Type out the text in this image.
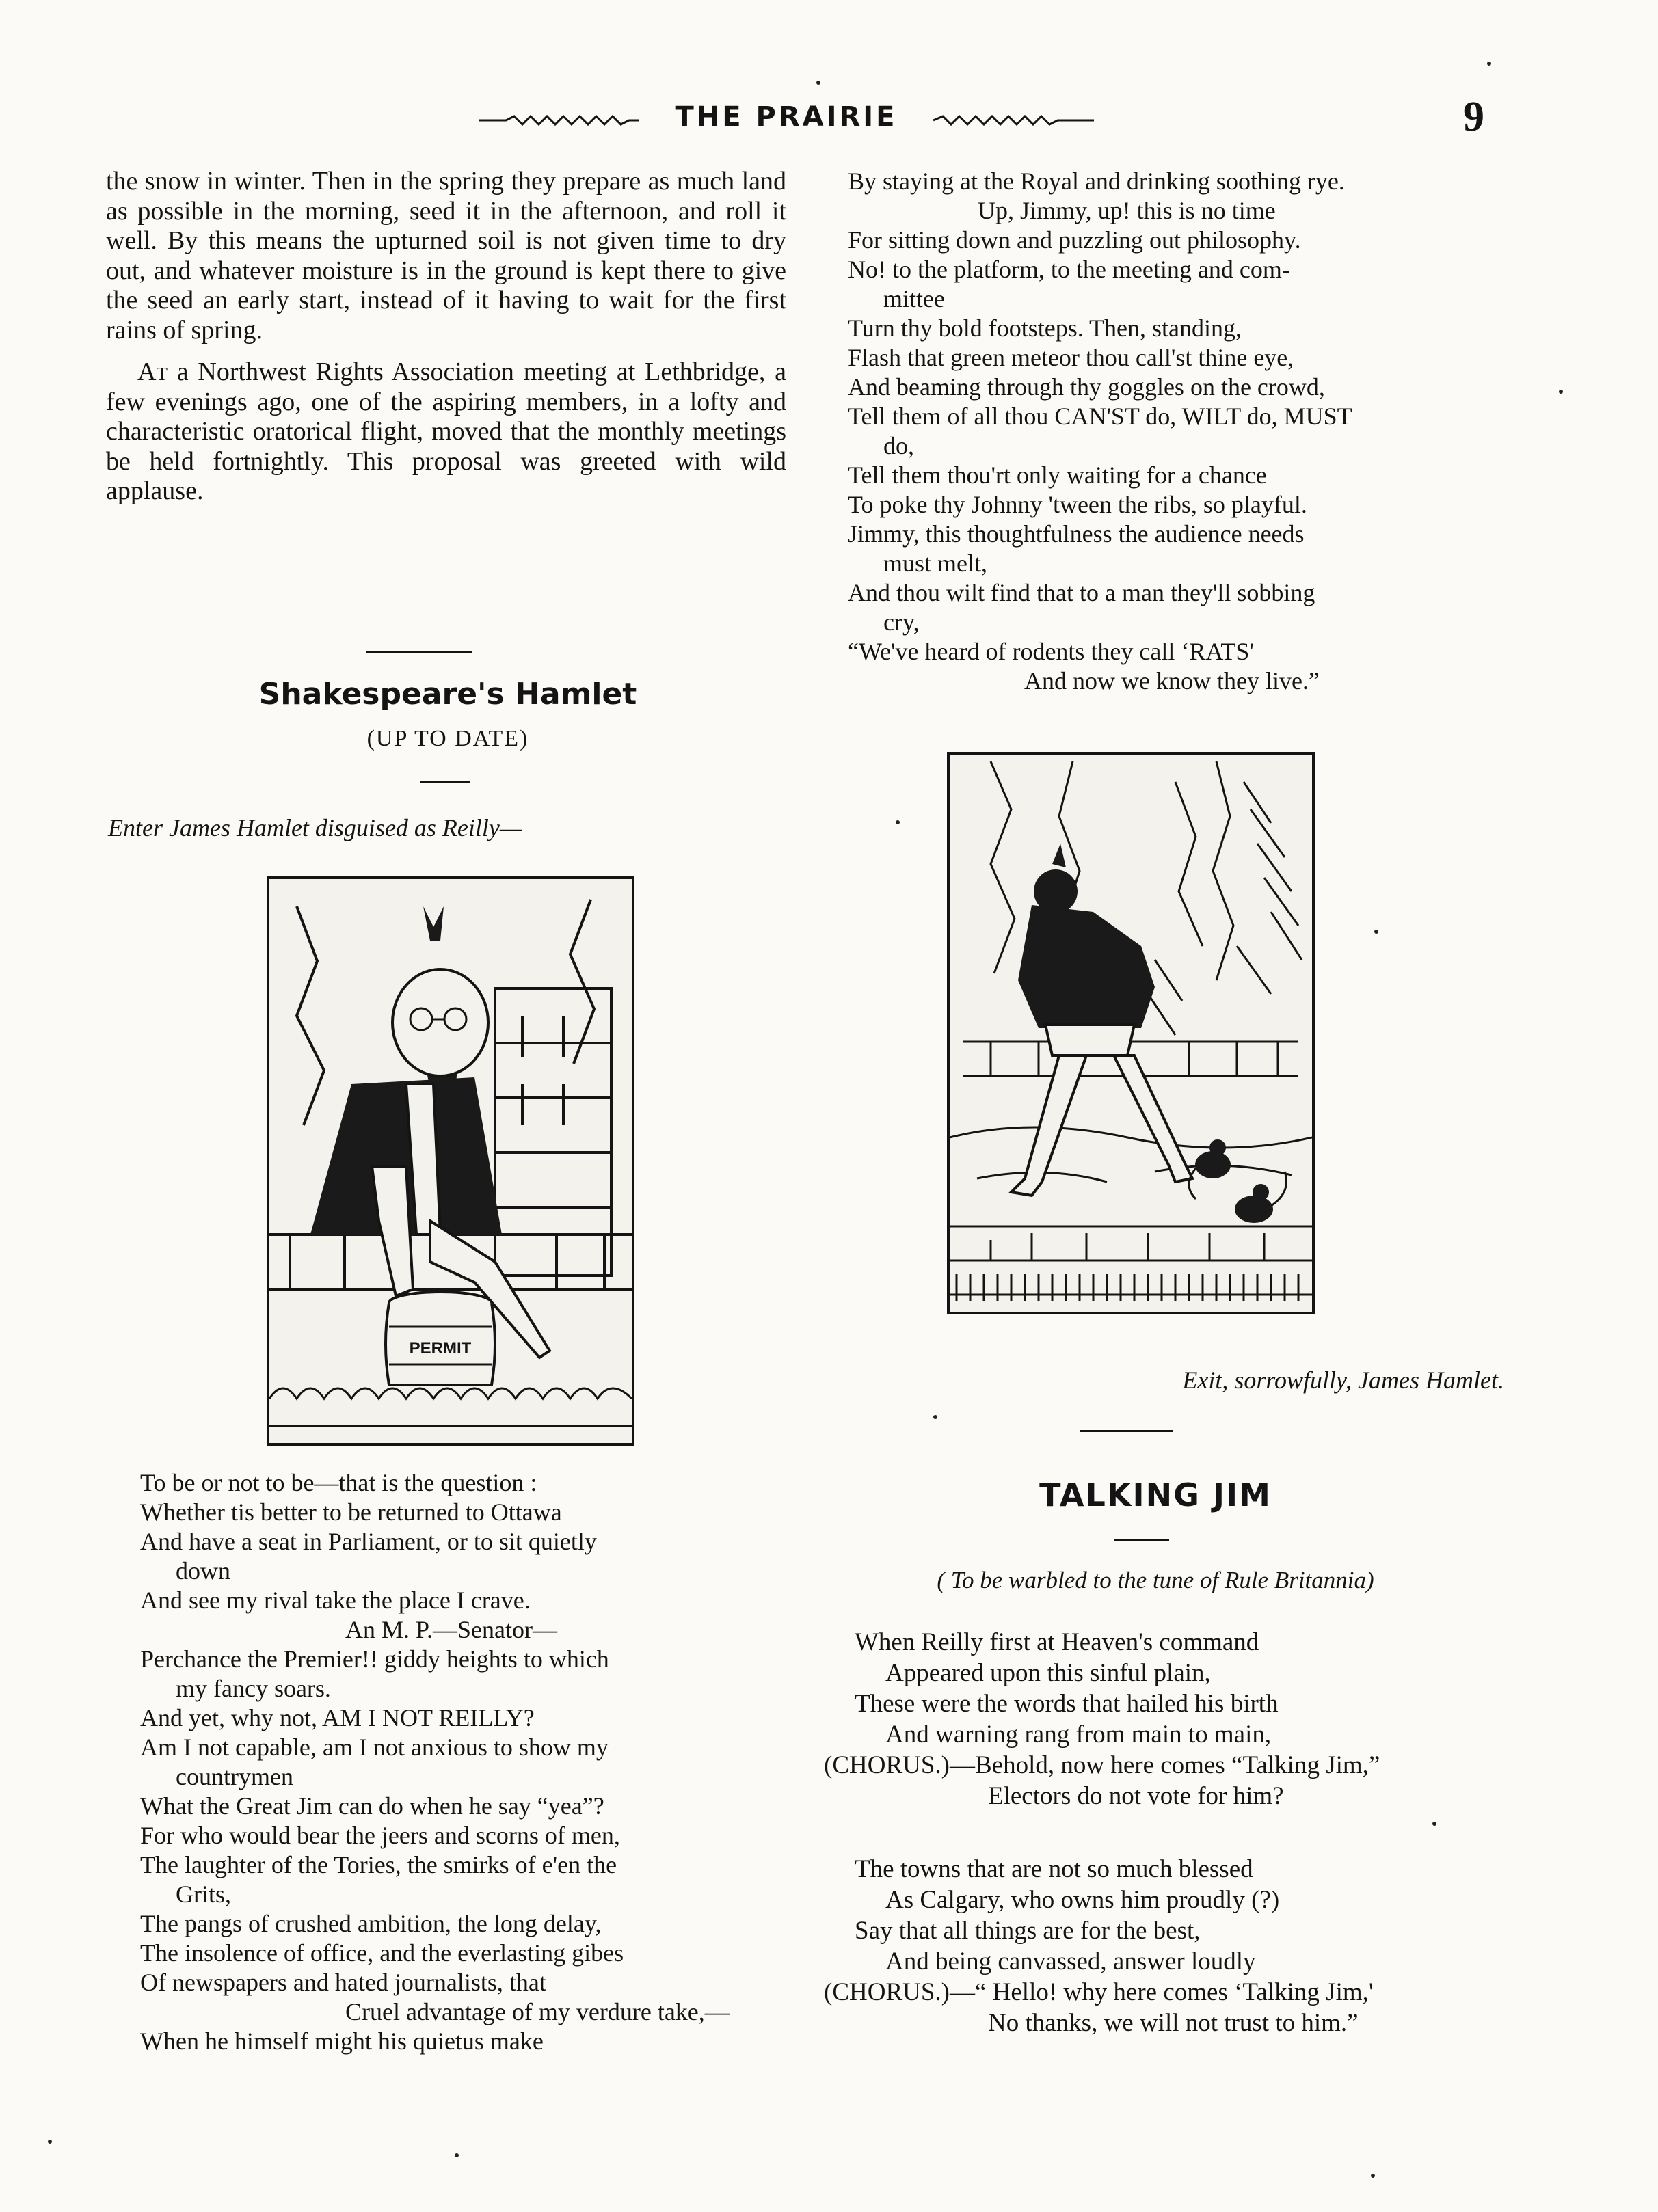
THE PRAIRIE	9

the snow in winter. Then in the spring they prepare as much land as possible in the morning, seed it in the afternoon, and roll it well. By this means the upturned soil is not given time to dry out, and whatever moisture is in the ground is kept there to give the seed an early start, instead of it having to wait for the first rains of spring.

At a Northwest Rights Association meeting at Lethbridge, a few evenings ago, one of the aspiring members, in a lofty and characteristic oratorical flight, moved that the monthly meetings be held fortnightly. This proposal was greeted with wild applause.

Shakespeare's Hamlet
(UP TO DATE)
Enter James Hamlet disguised as Reilly—
PERMIT
To be or not to be—that is the question :
Whether tis better to be returned to Ottawa
And have a seat in Parliament, or to sit quietly
down
And see my rival take the place I crave.
An M. P.—Senator—
Perchance the Premier!! giddy heights to which
my fancy soars.
And yet, why not, AM I NOT REILLY?
Am I not capable, am I not anxious to show my
countrymen
What the Great Jim can do when he say “yea”?
For who would bear the jeers and scorns of men,
The laughter of the Tories, the smirks of e'en the
Grits,
The pangs of crushed ambition, the long delay,
The insolence of office, and the everlasting gibes
Of newspapers and hated journalists, that
Cruel advantage of my verdure take,—
When he himself might his quietus make
By staying at the Royal and drinking soothing rye.
Up, Jimmy, up! this is no time
For sitting down and puzzling out philosophy.
No! to the platform, to the meeting and com-
mittee
Turn thy bold footsteps. Then, standing,
Flash that green meteor thou call'st thine eye,
And beaming through thy goggles on the crowd,
Tell them of all thou CAN'ST do, WILT do, MUST
do,
Tell them thou'rt only waiting for a chance
To poke thy Johnny 'tween the ribs, so playful.
Jimmy, this thoughtfulness the audience needs
must melt,
And thou wilt find that to a man they'll sobbing
cry,
“We've heard of rodents they call ‘RATS'
And now we know they live.”
Exit, sorrowfully, James Hamlet.
TALKING JIM
( To be warbled to the tune of Rule Britannia)
When Reilly first at Heaven's command
Appeared upon this sinful plain,
These were the words that hailed his birth
And warning rang from main to main,
(CHORUS.)—Behold, now here comes “Talking Jim,”
Electors do not vote for him?
The towns that are not so much blessed
As Calgary, who owns him proudly (?)
Say that all things are for the best,
And being canvassed, answer loudly
(CHORUS.)—“ Hello! why here comes ‘Talking Jim,'
No thanks, we will not trust to him.”
